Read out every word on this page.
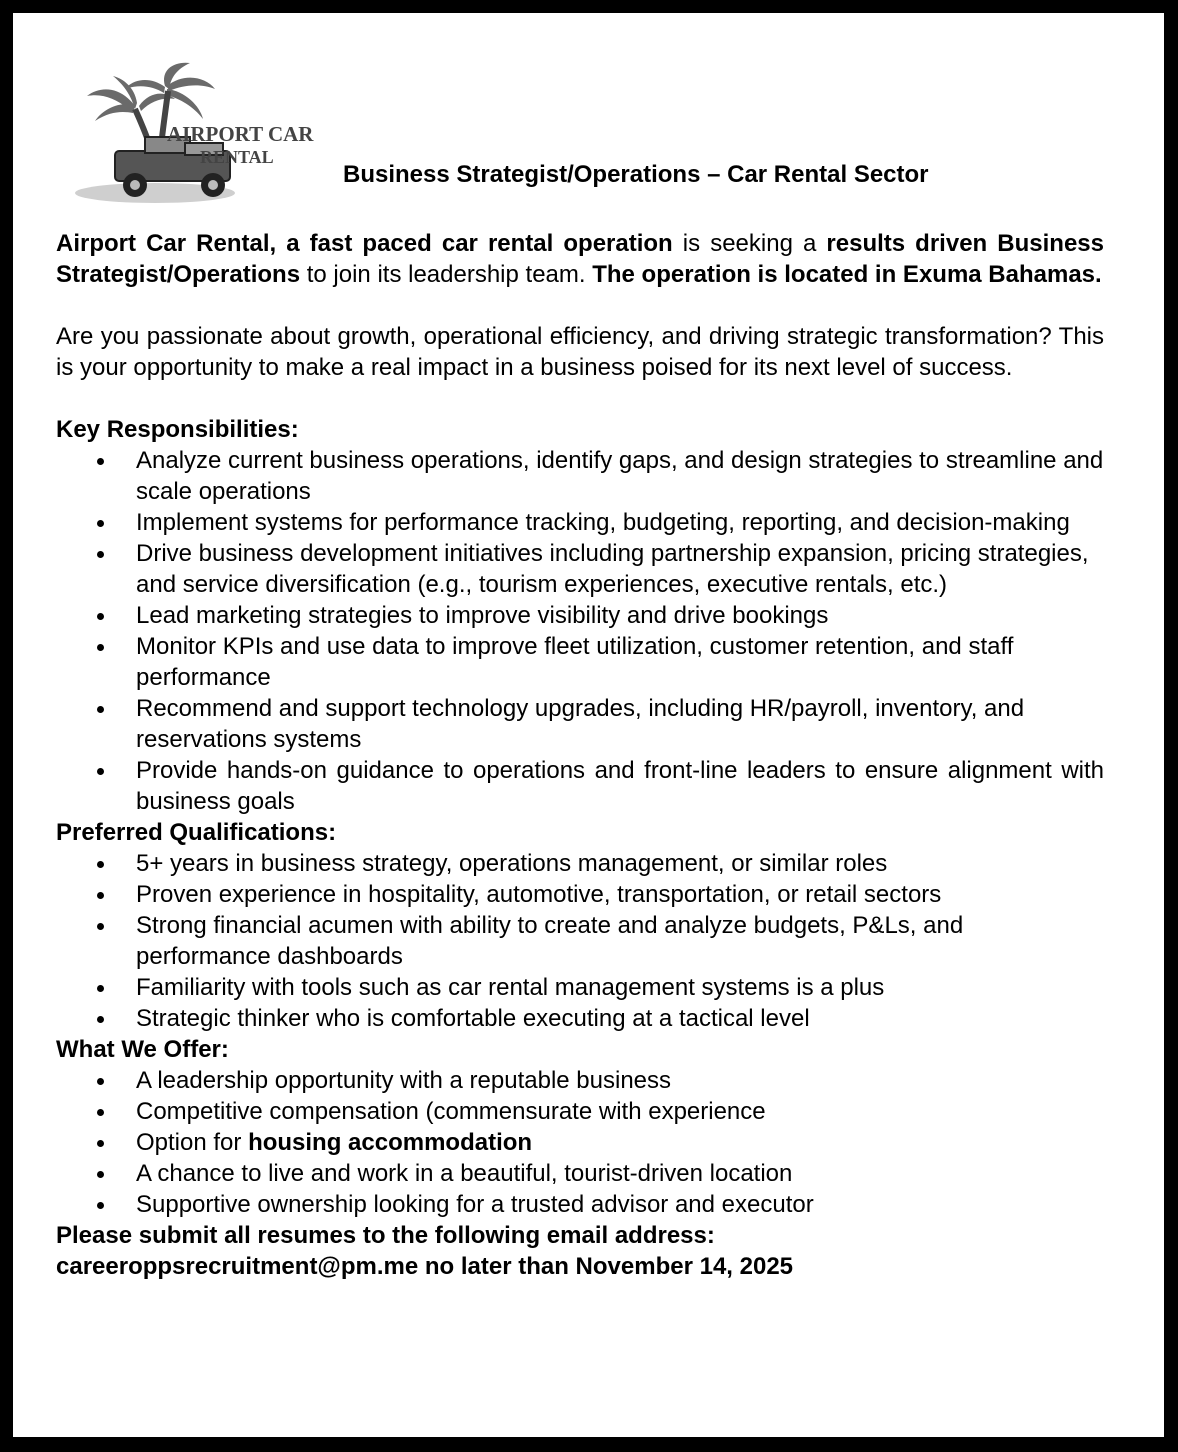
AIRPORT CAR
RENTAL
Business Strategist/Operations – Car Rental Sector

Airport Car Rental, a fast paced car rental operation is seeking a results driven Business Strategist/Operations to join its leadership team. The operation is located in Exuma Bahamas.

Are you passionate about growth, operational efficiency, and driving strategic transformation? This is your opportunity to make a real impact in a business poised for its next level of success.

Key Responsibilities:

Analyze current business operations, identify gaps, and design strategies to streamline and scale operations
Implement systems for performance tracking, budgeting, reporting, and decision-making
Drive business development initiatives including partnership expansion, pricing strategies, and service diversification (e.g., tourism experiences, executive rentals, etc.)
Lead marketing strategies to improve visibility and drive bookings
Monitor KPIs and use data to improve fleet utilization, customer retention, and staff performance
Recommend and support technology upgrades, including HR/payroll, inventory, and reservations systems
Provide hands-on guidance to operations and front-line leaders to ensure alignment with business goals

Preferred Qualifications:

5+ years in business strategy, operations management, or similar roles
Proven experience in hospitality, automotive, transportation, or retail sectors
Strong financial acumen with ability to create and analyze budgets, P&Ls, and performance dashboards
Familiarity with tools such as car rental management systems is a plus
Strategic thinker who is comfortable executing at a tactical level

What We Offer:

A leadership opportunity with a reputable business
Competitive compensation (commensurate with experience
Option for housing accommodation
A chance to live and work in a beautiful, tourist-driven location
Supportive ownership looking for a trusted advisor and executor

Please submit all resumes to the following email address:

careeroppsrecruitment@pm.me no later than November 14, 2025
